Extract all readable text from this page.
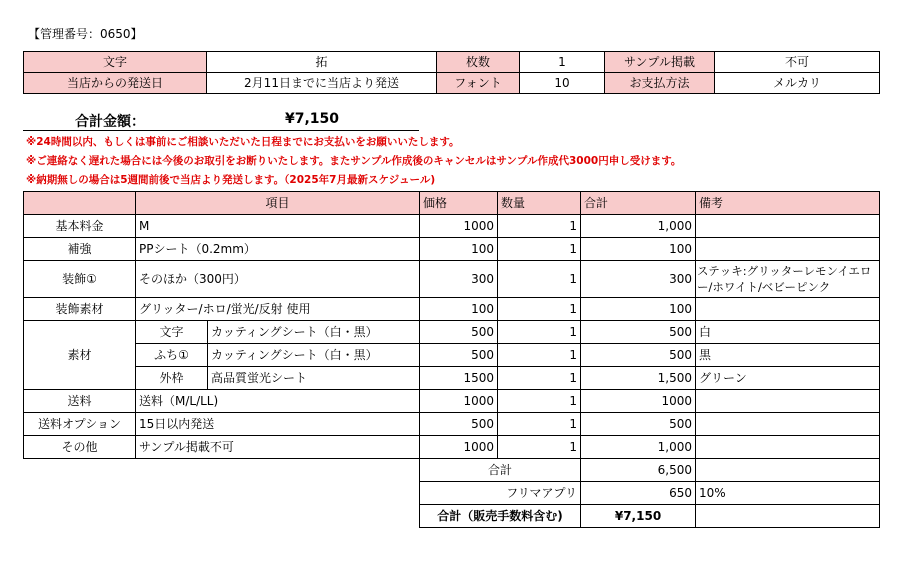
【管理番号：0650】
文字	拓	枚数	1	サンプル掲載	不可
当店からの発送日	2月11日までに当店より発送	フォント	10	お支払方法	メルカリ
合計金額：	¥7,150
※24時間以内、もしくは事前にご相談いただいた日程までにお支払いをお願いいたします。
※ご連絡なく遅れた場合には今後のお取引をお断りいたします。またサンプル作成後のキャンセルはサンプル作成代3000円申し受けます。
※納期無しの場合は5週間前後で当店より発送します。（2025年7月最新スケジュール)
	項目		価格	数量	合計	備考
基本料金	M		1000	1	1,000	
補強	PPシート（0.2mm）		100	1	100	
装飾①	そのほか（300円）		300	1	300	ステッキ:グリッターレモンイエロー/ホワイト/ベビーピンク
装飾素材	グリッター/ホロ/蛍光/反射 使用		100	1	100	
素材	文字	カッティングシート（白・黒）	500	1	500	白
	ふち①	カッティングシート（白・黒）	500	1	500	黒
	外枠	高品質蛍光シート	1500	1	1,500	グリーン
送料	送料（M/L/LL)		1000	1	1000	
送料オプション	15日以内発送		500	1	500	
その他	サンプル掲載不可		1000	1	1,000	
			合計		6,500	
			フリマアプリ		650	10%
			合計（販売手数料含む)		¥7,150	
